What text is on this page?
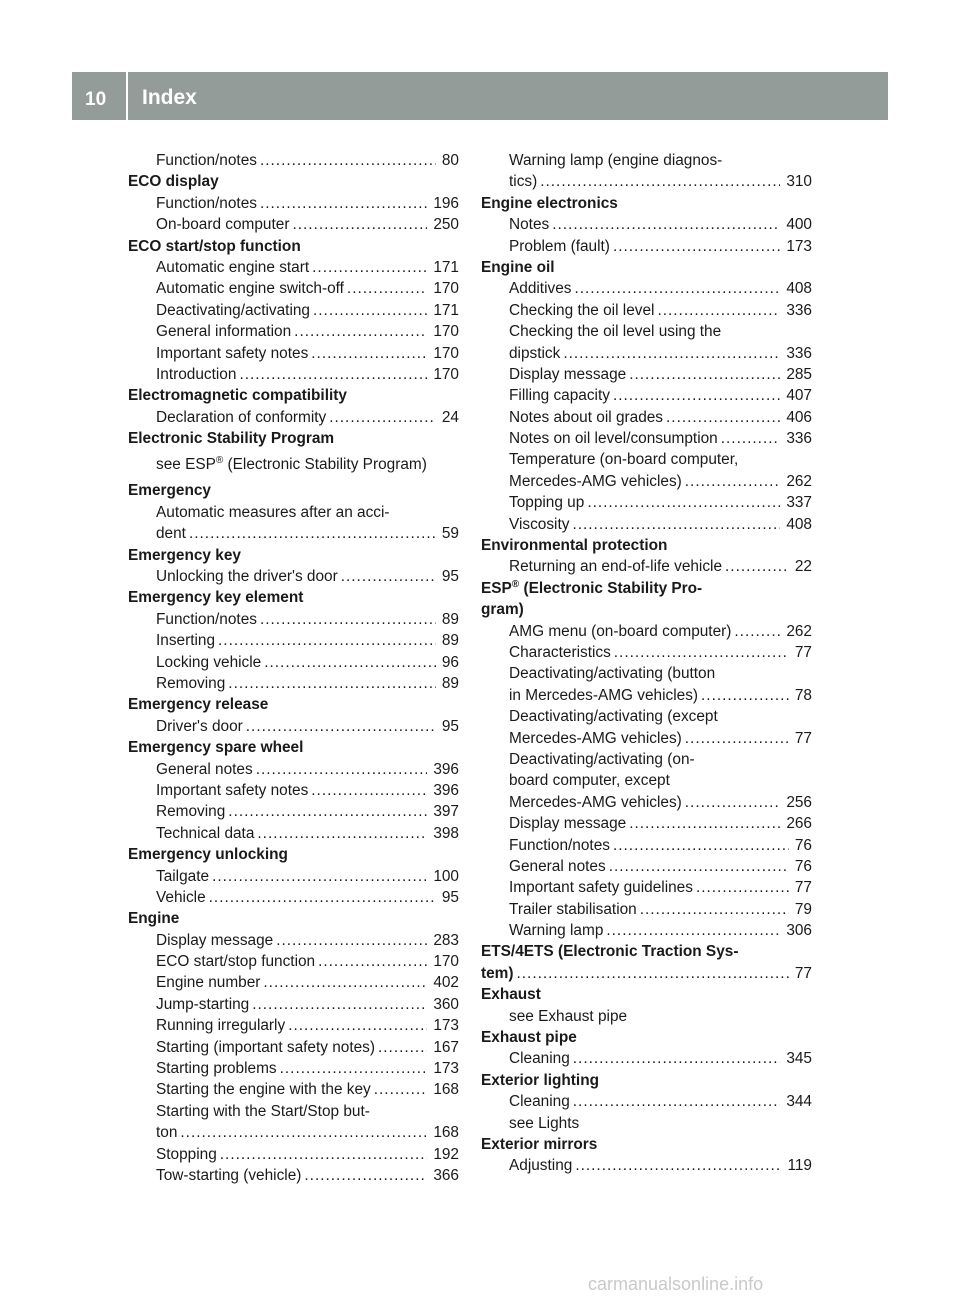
10 Index
Function/notes .....	80
ECO display
Function/notes .....	196
On-board computer .....	250
ECO start/stop function
Automatic engine start .....	171
Automatic engine switch-off .....	170
Deactivating/activating .....	171
General information .....	170
Important safety notes .....	170
Introduction .....	170
Electromagnetic compatibility
Declaration of conformity .....	24
Electronic Stability Program
see ESP® (Electronic Stability Program)
Emergency
Automatic measures after an acci-
dent .....	59
Emergency key
Unlocking the driver's door .....	95
Emergency key element
Function/notes .....	89
Inserting .....	89
Locking vehicle .....	96
Removing .....	89
Emergency release
Driver's door .....	95
Emergency spare wheel
General notes .....	396
Important safety notes .....	396
Removing .....	397
Technical data .....	398
Emergency unlocking
Tailgate .....	100
Vehicle .....	95
Engine
Display message .....	283
ECO start/stop function .....	170
Engine number .....	402
Jump-starting .....	360
Running irregularly .....	173
Starting (important safety notes) .....	167
Starting problems .....	173
Starting the engine with the key .....	168
Starting with the Start/Stop but-
ton .....	168
Stopping .....	192
Tow-starting (vehicle) .....	366
Warning lamp (engine diagnos-
tics) .....	310
Engine electronics
Notes .....	400
Problem (fault) .....	173
Engine oil
Additives .....	408
Checking the oil level .....	336
Checking the oil level using the
dipstick .....	336
Display message .....	285
Filling capacity .....	407
Notes about oil grades .....	406
Notes on oil level/consumption .....	336
Temperature (on-board computer,
Mercedes-AMG vehicles) .....	262
Topping up .....	337
Viscosity .....	408
Environmental protection
Returning an end-of-life vehicle .....	22
ESP® (Electronic Stability Pro-
gram)
AMG menu (on-board computer) .....	262
Characteristics .....	77
Deactivating/activating (button
in Mercedes-AMG vehicles) .....	78
Deactivating/activating (except
Mercedes-AMG vehicles) .....	77
Deactivating/activating (on-
board computer, except
Mercedes-AMG vehicles) .....	256
Display message .....	266
Function/notes .....	76
General notes .....	76
Important safety guidelines .....	77
Trailer stabilisation .....	79
Warning lamp .....	306
ETS/4ETS (Electronic Traction Sys-
tem) .....	77
Exhaust
see Exhaust pipe
Exhaust pipe
Cleaning .....	345
Exterior lighting
Cleaning .....	344
see Lights
Exterior mirrors
Adjusting .....	119
carmanualsonline.info
